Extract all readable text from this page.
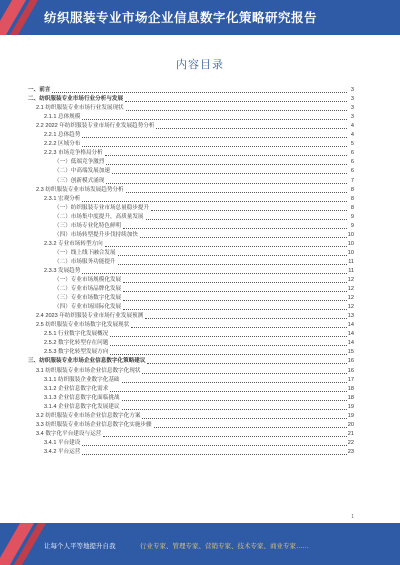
纺织服装专业市场企业信息数字化策略研究报告
内容目录
一、前言	3
二、纺织服装专业市场行业分析与发展	3
2.1 纺织服装专业市场行业发展现状	3
2.1.1 总体规模	3
2.2 2022 年纺织服装专业市场行业发展趋势分析	4
2.2.1 总体趋势	4
2.2.2 区域分布	5
2.2.3 市场竞争格局分析	6
（一）低端竞争激烈	6
（二）中高端发展加速	6
（三）创新模式涌现	7
2.3 纺织服装专业市场发展趋势分析	8
2.3.1 宏观分析	8
（一）纺织服装专业市场总量稳步提升	8
（二）市场集中度提升，高质量发展	9
（三）市场专业化特色鲜明	9
（四）市场转型提升步伐持续加快	10
2.3.2 专业市场转型方向	10
（一）线上线下融合发展	10
（二）市场服务功能提升	11
2.3.3 发展趋势	11
（一）专业市场规模化发展	12
（二）专业市场品牌化发展	12
（三）专业市场数字化发展	12
（四）专业市场国际化发展	12
2.4 2023 年纺织服装专业市场行业发展预测	13
2.5 纺织服装专业市场数字化发展现状	14
2.5.1 行业数字化发展概况	14
2.5.2 数字化转型存在问题	14
2.5.3 数字化转型发展方向	15
三、纺织服装专业市场企业信息数字化策略建议	16
3.1 纺织服装专业市场企业信息数字化现状	16
3.1.1 纺织服装企业数字化基础	17
3.1.2 企业信息数字化需求	18
3.1.3 企业信息数字化面临挑战	18
3.1.4 企业信息数字化发展建议	19
3.2 纺织服装专业市场企业信息数字化方案	19
3.3 纺织服装专业市场企业信息数字化实施步骤	20
3.4 数字化平台建设与运营	21
3.4.1 平台建设	22
3.4.2 平台运营	23
1
让每个人平等地提升自我	行业专家、管理专家、营销专家、技术专家、商业专家……
